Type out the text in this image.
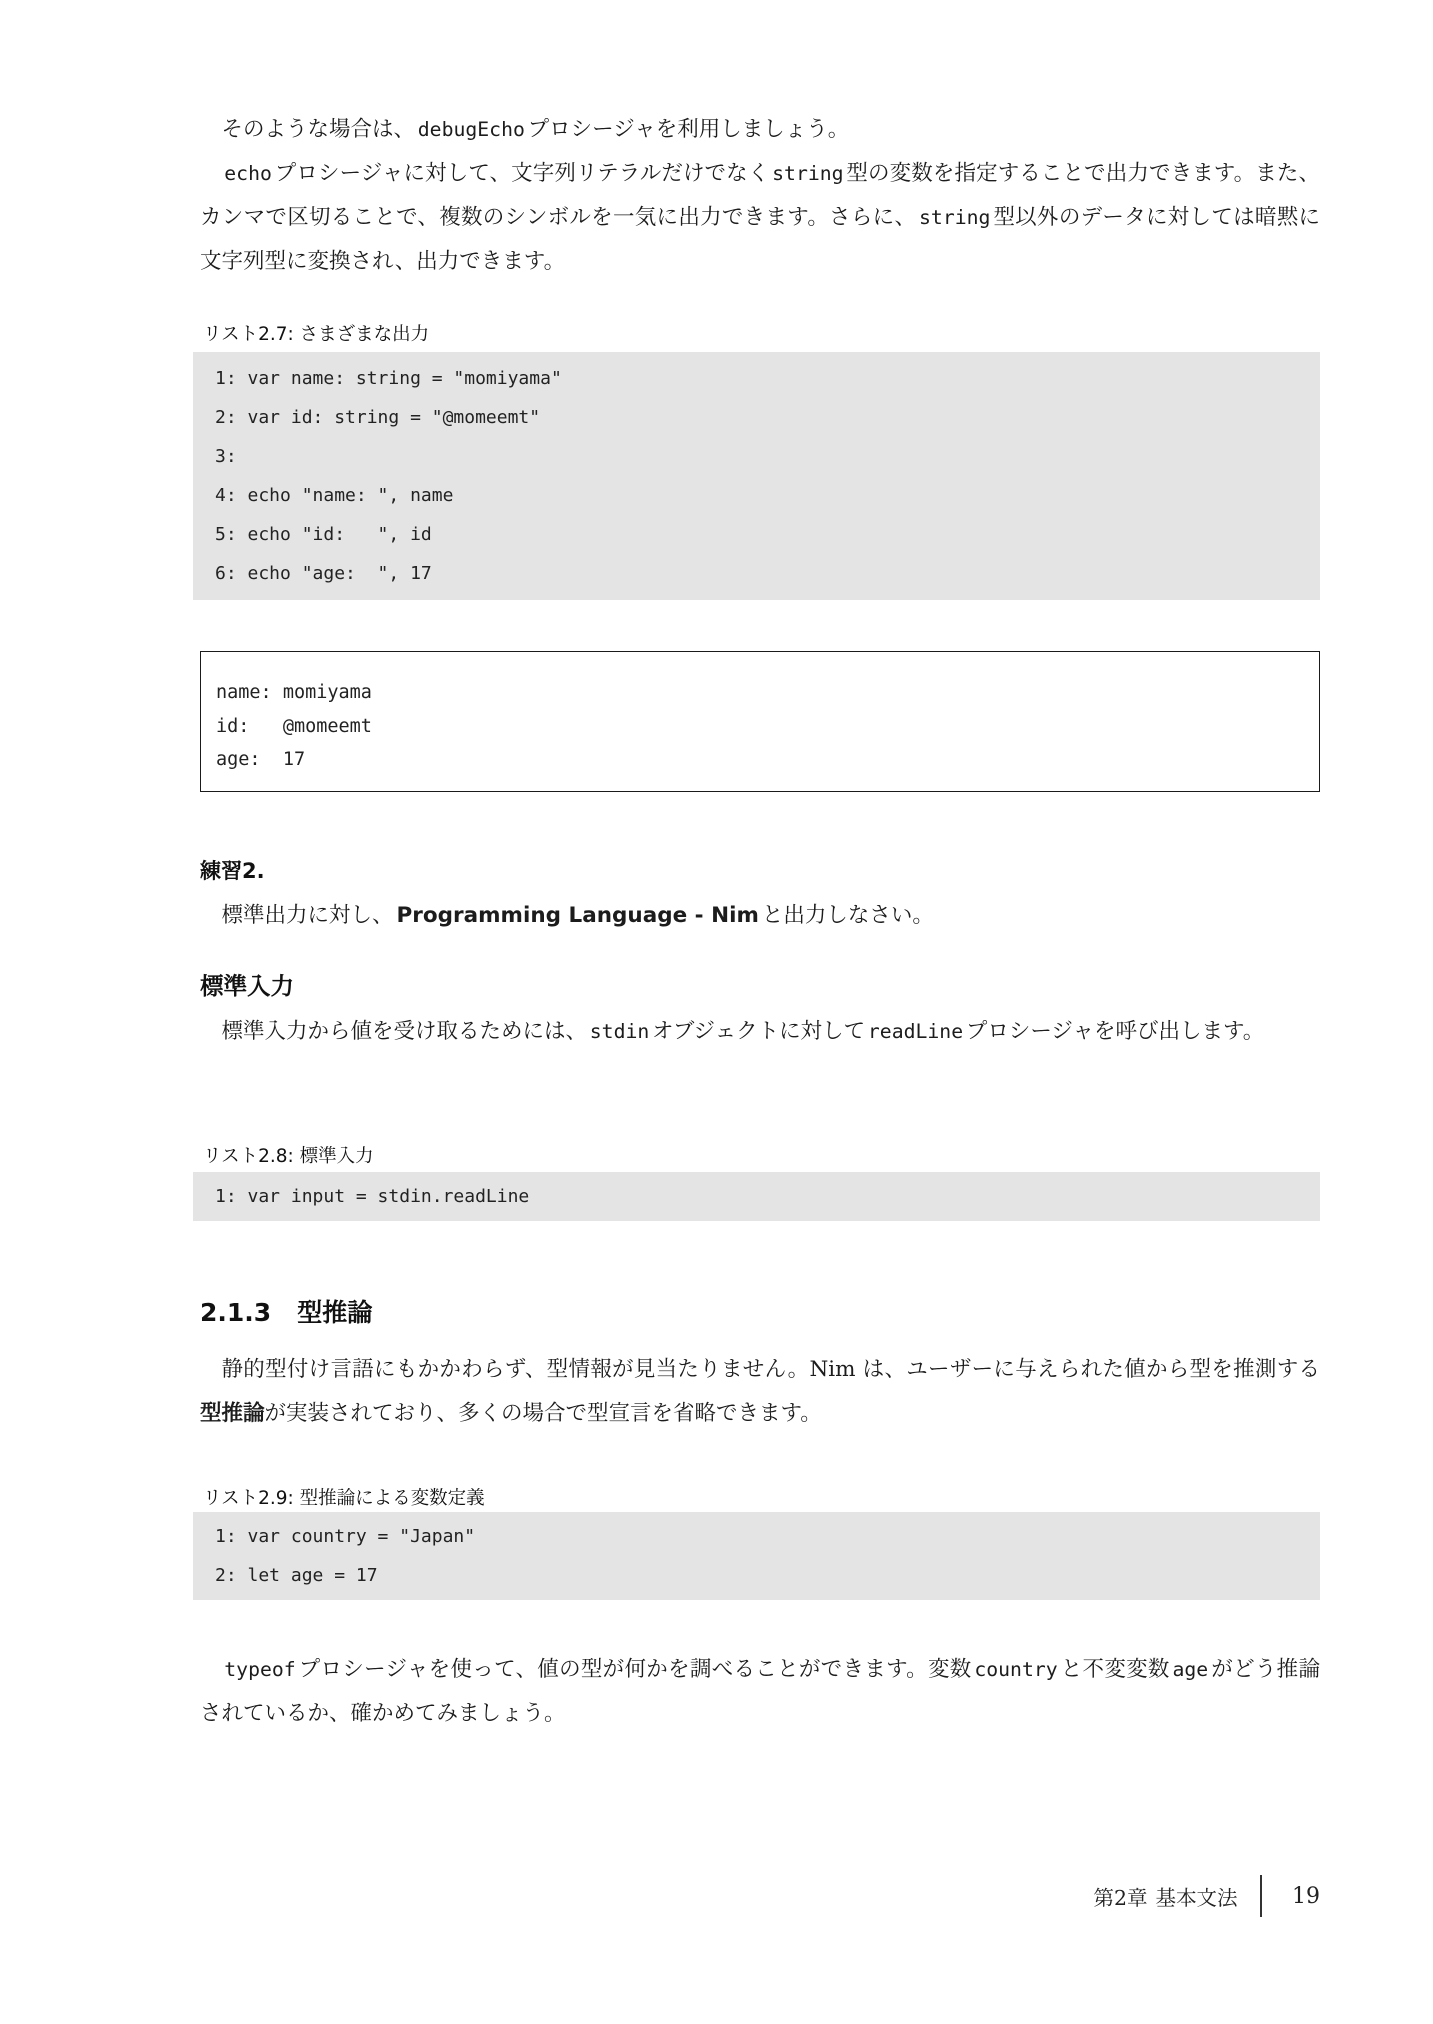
そのような場合は、 debugEcho プロシージャを利用しましょう。

echo プロシージャに対して、文字列リテラルだけでなく string 型の変数を指定することで出力できます。また、カンマで区切ることで、複数のシンボルを一気に出力できます。さらに、 string 型以外のデータに対しては暗黙に文字列型に変換され、出力できます。

リスト2.7: さまざまな出力

1: var name: string = "momiyama"
2: var id: string = "@momeemt"
3:
4: echo "name: ", name
5: echo "id:   ", id
6: echo "age:  ", 17
name: momiyama
id:   @momeemt
age:  17

練習2.

標準出力に対し、 Programming Language - Nim と出力しなさい。

標準入力

標準入力から値を受け取るためには、 stdin オブジェクトに対して readLine プロシージャを呼び出します。

リスト2.8: 標準入力

1: var input = stdin.readLine

2.1.3 型推論

静的型付け言語にもかかわらず、型情報が見当たりません。Nim は、ユーザーに与えられた値から型を推測する型推論が実装されており、多くの場合で型宣言を省略できます。

リスト2.9: 型推論による変数定義

1: var country = "Japan"
2: let age = 17

typeof プロシージャを使って、値の型が何かを調べることができます。変数 country と不変変数 age がどう推論されているか、確かめてみましょう。

第2章 基本文法 19
